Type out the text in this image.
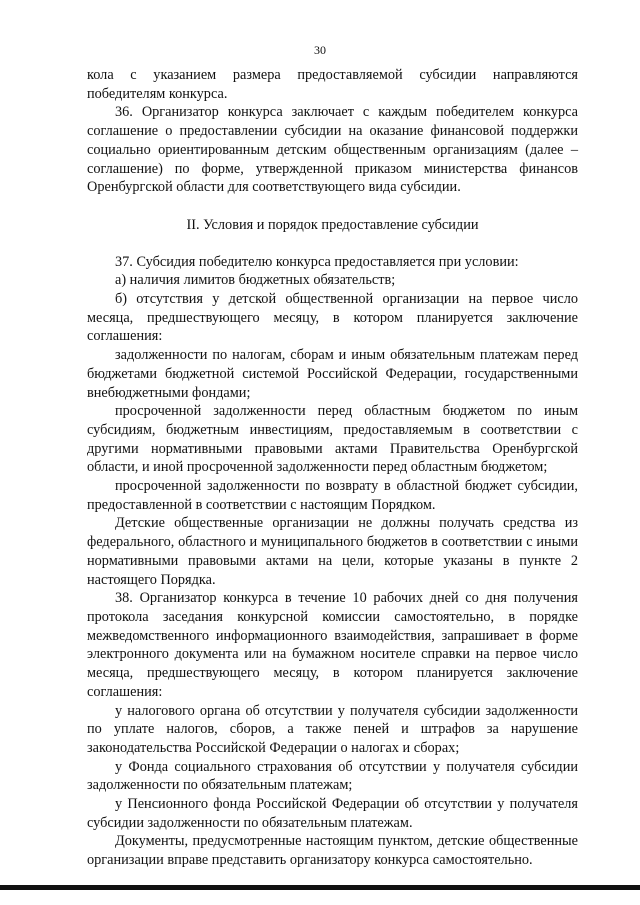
30

кола с указанием размера предоставляемой субсидии направляются победителям конкурса.

36. Организатор конкурса заключает с каждым победителем конкурса соглашение о предоставлении субсидии на оказание финансовой поддержки социально ориентированным детским общественным организациям (далее – соглашение) по форме, утвержденной приказом министерства финансов Оренбургской области для соответствующего вида субсидии.

II. Условия и порядок предоставление субсидии

37. Субсидия победителю конкурса предоставляется при условии:

а) наличия лимитов бюджетных обязательств;

б) отсутствия у детской общественной организации на первое число месяца, предшествующего месяцу, в котором планируется заключение соглашения:

задолженности по налогам, сборам и иным обязательным платежам перед бюджетами бюджетной системой Российской Федерации, государственными внебюджетными фондами;

просроченной задолженности перед областным бюджетом по иным субсидиям, бюджетным инвестициям, предоставляемым в соответствии с другими нормативными правовыми актами Правительства Оренбургской области, и иной просроченной задолженности перед областным бюджетом;

просроченной задолженности по возврату в областной бюджет субсидии, предоставленной в соответствии с настоящим Порядком.

Детские общественные организации не должны получать средства из федерального, областного и муниципального бюджетов в соответствии с иными нормативными правовыми актами на цели, которые указаны в пункте 2 настоящего Порядка.

38. Организатор конкурса в течение 10 рабочих дней со дня получения протокола заседания конкурсной комиссии самостоятельно, в порядке межведомственного информационного взаимодействия, запрашивает в форме электронного документа или на бумажном носителе справки на первое число месяца, предшествующего месяцу, в котором планируется заключение соглашения:

у налогового органа об отсутствии у получателя субсидии задолженности по уплате налогов, сборов, а также пеней и штрафов за нарушение законодательства Российской Федерации о налогах и сборах;

у Фонда социального страхования об отсутствии у получателя субсидии задолженности по обязательным платежам;

у Пенсионного фонда Российской Федерации об отсутствии у получателя субсидии задолженности по обязательным платежам.

Документы, предусмотренные настоящим пунктом, детские общественные организации вправе представить организатору конкурса самостоятельно.
